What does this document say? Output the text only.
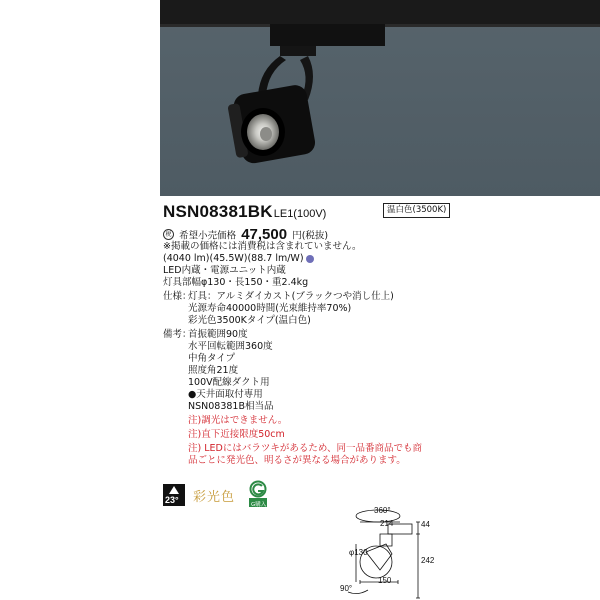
NSN08381BKLE1(100V)	温白色(3500K)
税 希望小売価格 47,500 円(税抜)
※掲載の価格には消費税は含まれていません。
(4040 lm)(45.5W)(88.7 lm/W)
LED内蔵・電源ユニット内蔵
灯具部幅φ130・長150・重2.4kg
仕様：
灯具：アルミダイカスト(ブラックつや消し仕上)
光源寿命40000時間(光束維持率70%)
彩光色3500Kタイプ(温白色)
備考：
首振範囲90度
水平回転範囲360度
中角タイプ
照度角21度
100V配線ダクト用
●天井面取付専用
NSN08381B相当品
注)調光はできません。
注)直下近接限度50cm
注) LEDにはバラツキがあるため、同一品番商品でも商
品ごとに発光色、明るさが異なる場合があります。
23° 彩光色	G購入
360°
214	44
242
φ130
150
90°
